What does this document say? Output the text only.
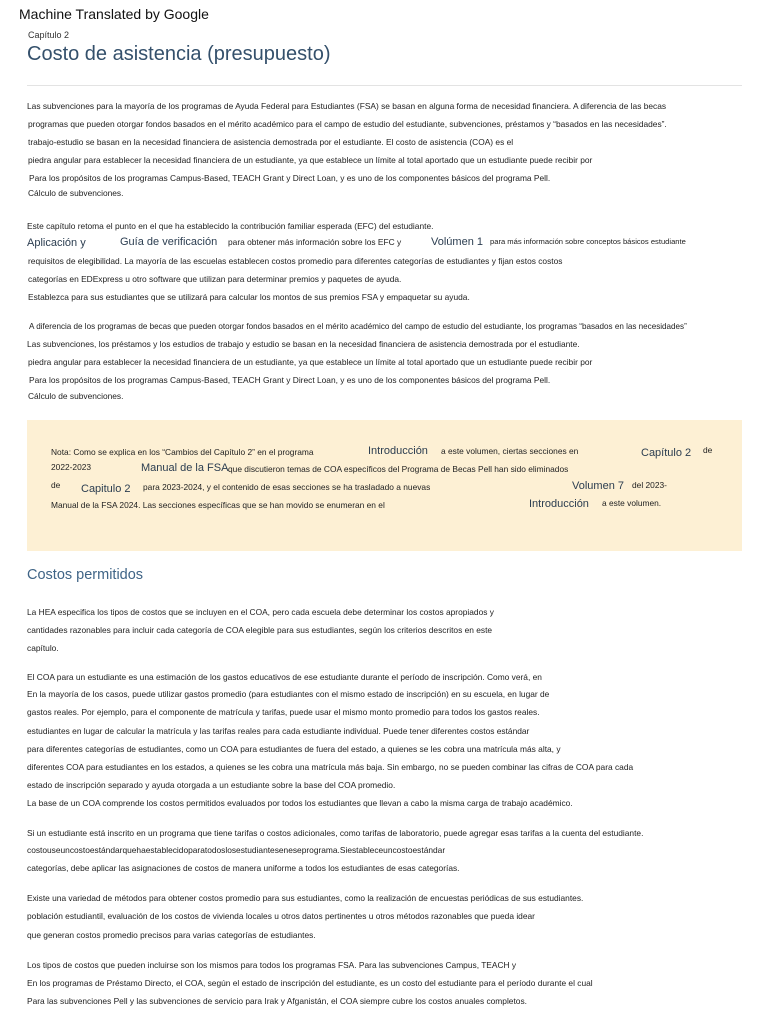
Machine Translated by Google
Capítulo 2
Costo de asistencia (presupuesto)
Las subvenciones para la mayoría de los programas de Ayuda Federal para Estudiantes (FSA) se basan en alguna forma de necesidad financiera. A diferencia de las becas
programas que pueden otorgar fondos basados en el mérito académico para el campo de estudio del estudiante, subvenciones, préstamos y “basados en las necesidades”.
trabajo-estudio se basan en la necesidad financiera de asistencia demostrada por el estudiante. El costo de asistencia (COA) es el
piedra angular para establecer la necesidad financiera de un estudiante, ya que establece un límite al total aportado que un estudiante puede recibir por
Para los propósitos de los programas Campus-Based, TEACH Grant y Direct Loan, y es uno de los componentes básicos del programa Pell.
Cálculo de subvenciones.
Este capítulo retoma el punto en el que ha establecido la contribución familiar esperada (EFC) del estudiante.
Aplicación y	Guía de verificación para obtener más información sobre los EFC y	Volúmen 1 para más información sobre conceptos básicos estudiante
requisitos de elegibilidad. La mayoría de las escuelas establecen costos promedio para diferentes categorías de estudiantes y fijan estos costos
categorías en EDExpress u otro software que utilizan para determinar premios y paquetes de ayuda.
Establezca para sus estudiantes que se utilizará para calcular los montos de sus premios FSA y empaquetar su ayuda.
A diferencia de los programas de becas que pueden otorgar fondos basados en el mérito académico del campo de estudio del estudiante, los programas “basados en las necesidades”
Las subvenciones, los préstamos y los estudios de trabajo y estudio se basan en la necesidad financiera de asistencia demostrada por el estudiante.
piedra angular para establecer la necesidad financiera de un estudiante, ya que establece un límite al total aportado que un estudiante puede recibir por
Para los propósitos de los programas Campus-Based, TEACH Grant y Direct Loan, y es uno de los componentes básicos del programa Pell.
Cálculo de subvenciones.
Nota: Como se explica en los “Cambios del Capítulo 2” en el programa	Introducción a este volumen, ciertas secciones en	Capítulo 2 de
2022-2023	Manual de la FSA que discutieron temas de COA específicos del Programa de Becas Pell han sido eliminados
de Capitulo 2 para 2023-2024, y el contenido de esas secciones se ha trasladado a nuevas	Volumen 7 del 2023-
Manual de la FSA 2024. Las secciones específicas que se han movido se enumeran en el	Introducción a este volumen.
Costos permitidos
La HEA especifica los tipos de costos que se incluyen en el COA, pero cada escuela debe determinar los costos apropiados y
cantidades razonables para incluir cada categoría de COA elegible para sus estudiantes, según los criterios descritos en este
capítulo.
El COA para un estudiante es una estimación de los gastos educativos de ese estudiante durante el período de inscripción. Como verá, en
En la mayoría de los casos, puede utilizar gastos promedio (para estudiantes con el mismo estado de inscripción) en su escuela, en lugar de
gastos reales. Por ejemplo, para el componente de matrícula y tarifas, puede usar el mismo monto promedio para todos los gastos reales.
estudiantes en lugar de calcular la matrícula y las tarifas reales para cada estudiante individual. Puede tener diferentes costos estándar
para diferentes categorías de estudiantes, como un COA para estudiantes de fuera del estado, a quienes se les cobra una matrícula más alta, y
diferentes COA para estudiantes en los estados, a quienes se les cobra una matrícula más baja. Sin embargo, no se pueden combinar las cifras de COA para cada
estado de inscripción separado y ayuda otorgada a un estudiante sobre la base del COA promedio.
La base de un COA comprende los costos permitidos evaluados por todos los estudiantes que llevan a cabo la misma carga de trabajo académico.
Si un estudiante está inscrito en un programa que tiene tarifas o costos adicionales, como tarifas de laboratorio, puede agregar esas tarifas a la cuenta del estudiante.
costouseuncostoestándarquehaestablecidoparatodoslosestudiantesenesepr​ograma.Siestableceuncostoestándar
categorías, debe aplicar las asignaciones de costos de manera uniforme a todos los estudiantes de esas categorías.
Existe una variedad de métodos para obtener costos promedio para sus estudiantes, como la realización de encuestas periódicas de sus estudiantes.
población estudiantil, evaluación de los costos de vivienda locales u otros datos pertinentes u otros métodos razonables que pueda idear
que generan costos promedio precisos para varias categorías de estudiantes.
Los tipos de costos que pueden incluirse son los mismos para todos los programas FSA. Para las subvenciones Campus, TEACH y
En los programas de Préstamo Directo, el COA, según el estado de inscripción del estudiante, es un costo del estudiante para el período durante el cual
Para las subvenciones Pell y las subvenciones de servicio para Irak y Afganistán, el COA siempre cubre los costos anuales completos.
